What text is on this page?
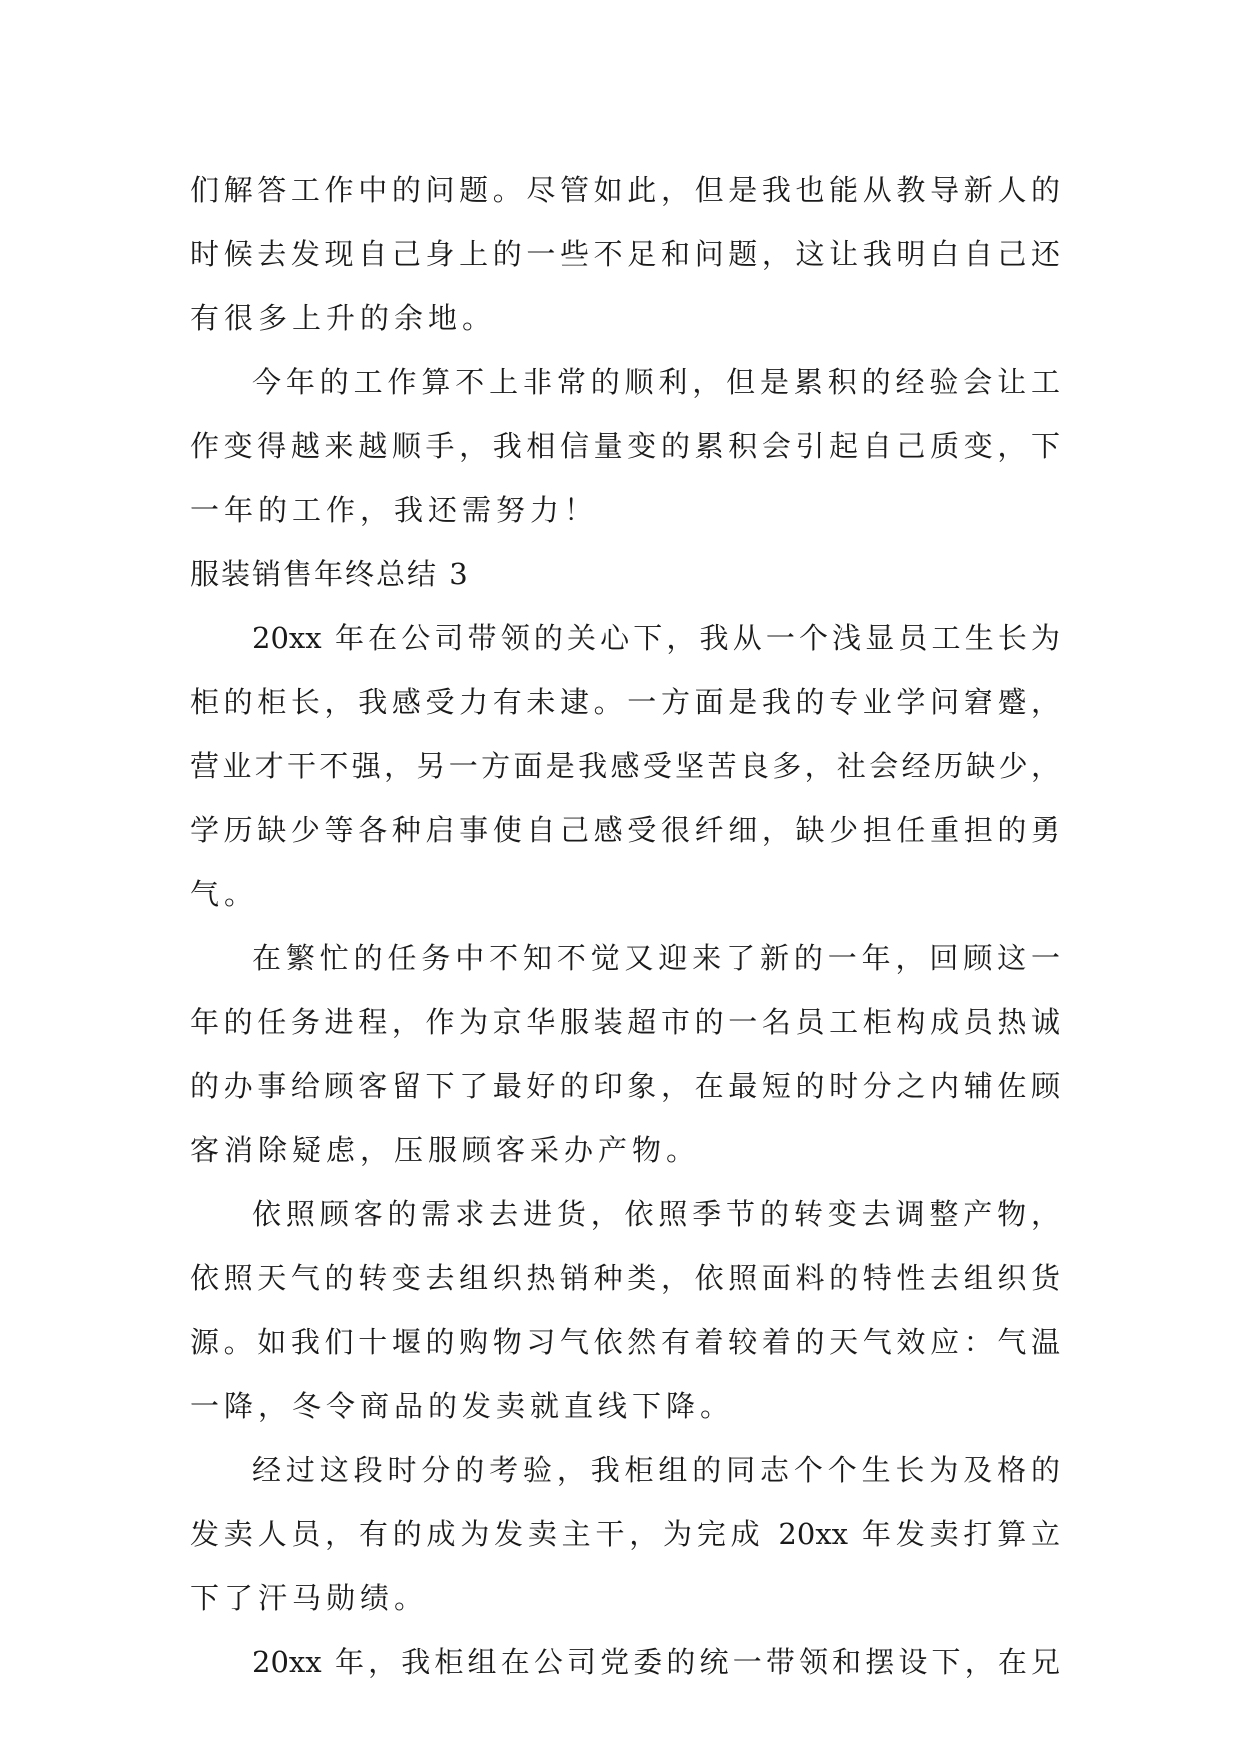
们解答工作中的问题。尽管如此，但是我也能从教导新人的
时候去发现自己身上的一些不足和问题，这让我明白自己还
有很多上升的余地。
今年的工作算不上非常的顺利，但是累积的经验会让工
作变得越来越顺手，我相信量变的累积会引起自己质变，下
一年的工作，我还需努力！
服装销售年终总结 3
20xx 年在公司带领的关心下，我从一个浅显员工生长为
柜的柜长，我感受力有未逮。一方面是我的专业学问窘蹙，
营业才干不强，另一方面是我感受坚苦良多，社会经历缺少，
学历缺少等各种启事使自己感受很纤细，缺少担任重担的勇
气。
在繁忙的任务中不知不觉又迎来了新的一年，回顾这一
年的任务进程，作为京华服装超市的一名员工柜构成员热诚
的办事给顾客留下了最好的印象，在最短的时分之内辅佐顾
客消除疑虑，压服顾客采办产物。
依照顾客的需求去进货，依照季节的转变去调整产物，
依照天气的转变去组织热销种类，依照面料的特性去组织货
源。如我们十堰的购物习气依然有着较着的天气效应：气温
一降，冬令商品的发卖就直线下降。
经过这段时分的考验，我柜组的同志个个生长为及格的
发卖人员，有的成为发卖主干，为完成 20xx 年发卖打算立
下了汗马勋绩。
20xx 年，我柜组在公司党委的统一带领和摆设下，在兄
